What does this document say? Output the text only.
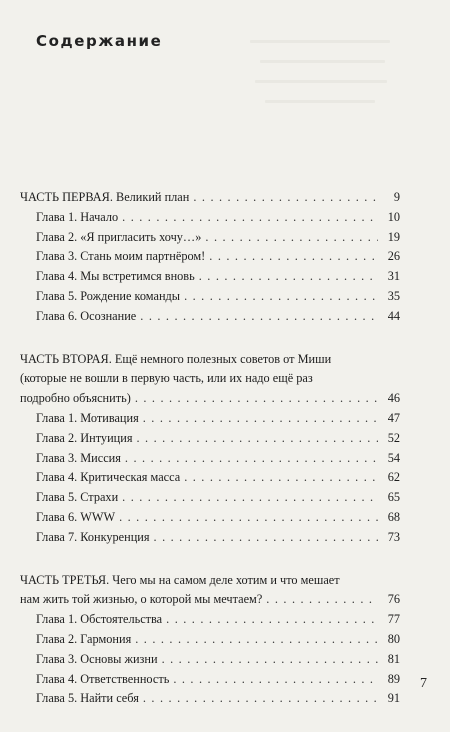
Содержание
ЧАСТЬ ПЕРВАЯ. Великий план . . .	9
Глава 1. Начало . . .	10
Глава 2. «Я пригласить хочу…» . . .	19
Глава 3. Стань моим партнёром! . . .	26
Глава 4. Мы встретимся вновь . . .	31
Глава 5. Рождение команды . . .	35
Глава 6. Осознание . . .	44
ЧАСТЬ ВТОРАЯ. Ещё немного полезных советов от Миши
(которые не вошли в первую часть, или их надо ещё раз
подробно объяснить) . . .	46
Глава 1. Мотивация . . .	47
Глава 2. Интуиция . . .	52
Глава 3. Миссия . . .	54
Глава 4. Критическая масса . . .	62
Глава 5. Страхи . . .	65
Глава 6. WWW . . .	68
Глава 7. Конкуренция . . .	73
ЧАСТЬ ТРЕТЬЯ. Чего мы на самом деле хотим и что мешает
нам жить той жизнью, о которой мы мечтаем? . . .	76
Глава 1. Обстоятельства . . .	77
Глава 2. Гармония . . .	80
Глава 3. Основы жизни . . .	81
Глава 4. Ответственность . . .	89
Глава 5. Найти себя . . .	91
7
